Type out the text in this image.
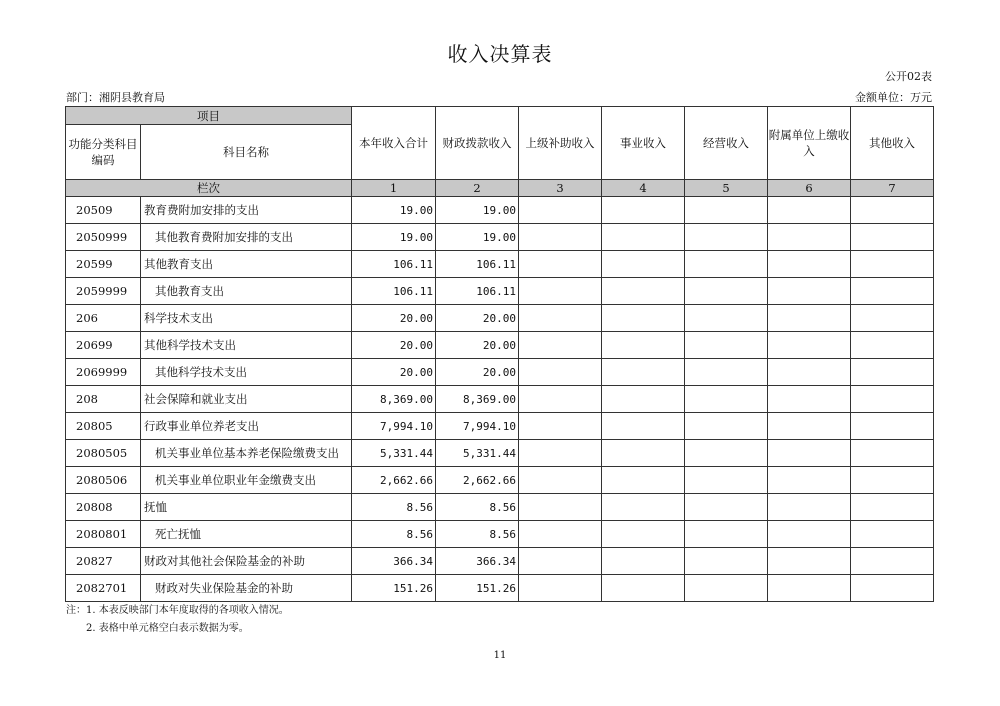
收入决算表
公开02表
部门：湘阴县教育局	金额单位：万元
项目		本年收入合计	财政拨款收入	上级补助收入	事业收入	经营收入	附属单位上缴收入	其他收入
功能分类科目编码	科目名称							
栏次		1	2	3	4	5	6	7
20509	教育费附加安排的支出	19.00	19.00					
2050999	其他教育费附加安排的支出	19.00	19.00					
20599	其他教育支出	106.11	106.11					
2059999	其他教育支出	106.11	106.11					
206	科学技术支出	20.00	20.00					
20699	其他科学技术支出	20.00	20.00					
2069999	其他科学技术支出	20.00	20.00					
208	社会保障和就业支出	8,369.00	8,369.00					
20805	行政事业单位养老支出	7,994.10	7,994.10					
2080505	机关事业单位基本养老保险缴费支出	5,331.44	5,331.44					
2080506	机关事业单位职业年金缴费支出	2,662.66	2,662.66					
20808	抚恤	8.56	8.56					
2080801	死亡抚恤	8.56	8.56					
20827	财政对其他社会保险基金的补助	366.34	366.34					
2082701	财政对失业保险基金的补助	151.26	151.26					
注：1. 本表反映部门本年度取得的各项收入情况。
2. 表格中单元格空白表示数据为零。
11
